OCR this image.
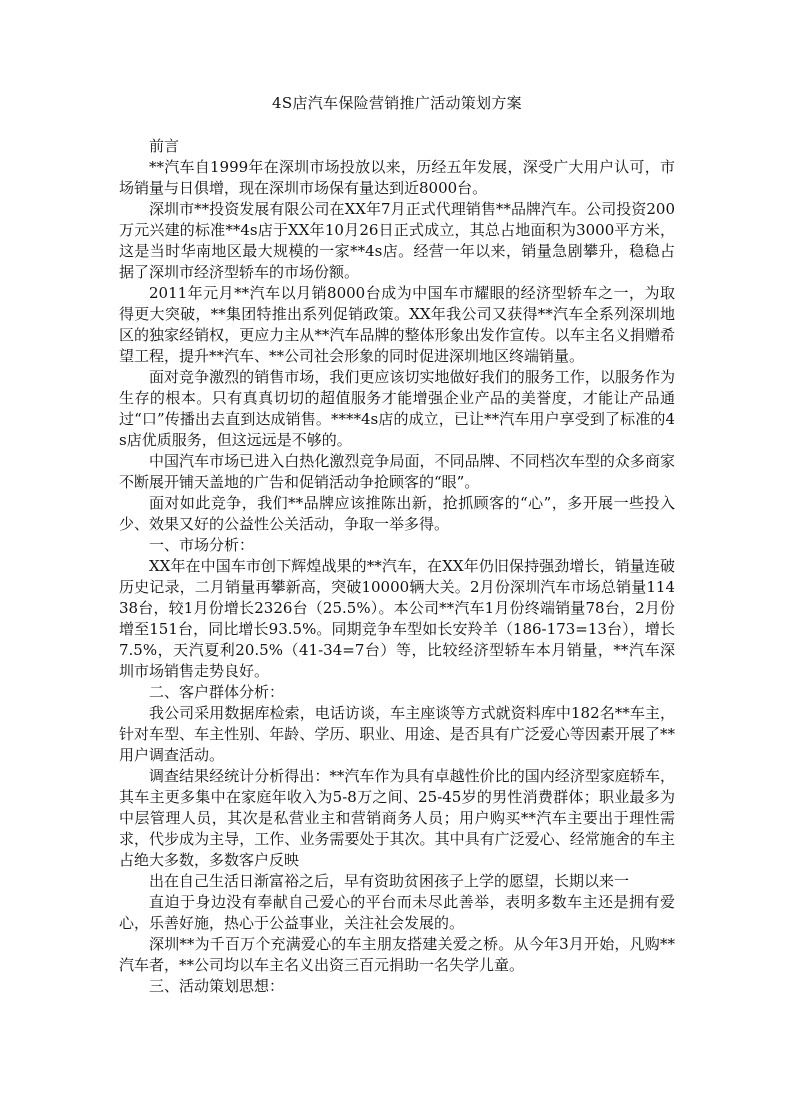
4S店汽车保险营销推广活动策划方案

前言

**汽车自1999年在深圳市场投放以来，历经五年发展，深受广大用户认可，市场销量与日俱增，现在深圳市场保有量达到近8000台。

深圳市**投资发展有限公司在XX年7月正式代理销售**品牌汽车。公司投资200万元兴建的标准**4s店于XX年10月26日正式成立，其总占地面积为3000平方米，这是当时华南地区最大规模的一家**4s店。经营一年以来，销量急剧攀升，稳稳占据了深圳市经济型轿车的市场份额。

2011年元月**汽车以月销8000台成为中国车市耀眼的经济型轿车之一，为取得更大突破，**集团特推出系列促销政策。XX年我公司又获得**汽车全系列深圳地区的独家经销权，更应力主从**汽车品牌的整体形象出发作宣传。以车主名义捐赠希望工程，提升**汽车、**公司社会形象的同时促进深圳地区终端销量。

面对竞争激烈的销售市场，我们更应该切实地做好我们的服务工作，以服务作为生存的根本。只有真真切切的超值服务才能增强企业产品的美誉度，才能让产品通过“口”传播出去直到达成销售。****4s店的成立，已让**汽车用户享受到了标准的4s店优质服务，但这远远是不够的。

中国汽车市场已进入白热化激烈竞争局面，不同品牌、不同档次车型的众多商家不断展开铺天盖地的广告和促销活动争抢顾客的“眼”。

面对如此竞争，我们**品牌应该推陈出新，抢抓顾客的“心”，多开展一些投入少、效果又好的公益性公关活动，争取一举多得。

一、市场分析：

XX年在中国车市创下辉煌战果的**汽车，在XX年仍旧保持强劲增长，销量连破历史记录，二月销量再攀新高，突破10000辆大关。2月份深圳汽车市场总销量11438台，较1月份增长2326台（25.5%）。本公司**汽车1月份终端销量78台，2月份增至151台，同比增长93.5%。同期竞争车型如长安羚羊（186-173=13台），增长7.5%，天汽夏利20.5%（41-34=7台）等，比较经济型轿车本月销量，**汽车深圳市场销售走势良好。

二、客户群体分析：

我公司采用数据库检索，电话访谈，车主座谈等方式就资料库中182名**车主，针对车型、车主性别、年龄、学历、职业、用途、是否具有广泛爱心等因素开展了**用户调查活动。

调查结果经统计分析得出：**汽车作为具有卓越性价比的国内经济型家庭轿车，其车主更多集中在家庭年收入为5-8万之间、25-45岁的男性消费群体；职业最多为中层管理人员，其次是私营业主和营销商务人员；用户购买**汽车主要出于理性需求，代步成为主导，工作、业务需要处于其次。其中具有广泛爱心、经常施舍的车主占绝大多数，多数客户反映

出在自己生活日渐富裕之后，早有资助贫困孩子上学的愿望，长期以来一

直迫于身边没有奉献自己爱心的平台而未尽此善举，表明多数车主还是拥有爱心，乐善好施，热心于公益事业，关注社会发展的。

深圳**为千百万个充满爱心的车主朋友搭建关爱之桥。从今年3月开始，凡购**汽车者，**公司均以车主名义出资三百元捐助一名失学儿童。

三、活动策划思想：
